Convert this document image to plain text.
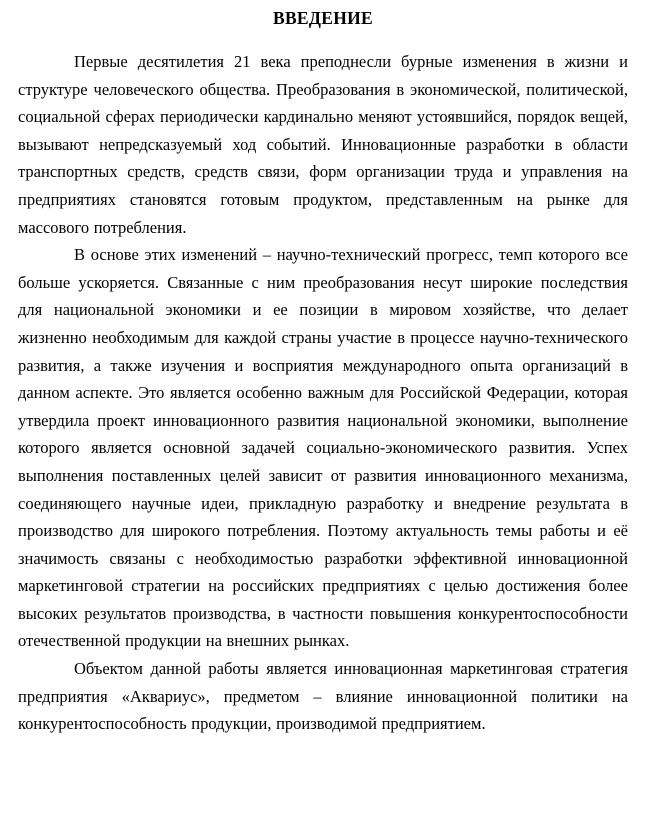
ВВЕДЕНИЕ

Первые десятилетия 21 века преподнесли бурные изменения в жизни и структуре человеческого общества. Преобразования в экономической, политической, социальной сферах периодически кардинально меняют устоявшийся, порядок вещей, вызывают непредсказуемый ход событий. Инновационные разработки в области транспортных средств, средств связи, форм организации труда и управления на предприятиях становятся готовым продуктом, представленным на рынке для массового потребления.

В основе этих изменений – научно-технический прогресс, темп которого все больше ускоряется. Связанные с ним преобразования несут широкие последствия для национальной экономики и ее позиции в мировом хозяйстве, что делает жизненно необходимым для каждой страны участие в процессе научно-технического развития, а также изучения и восприятия международного опыта организаций в данном аспекте. Это является особенно важным для Российской Федерации, которая утвердила проект инновационного развития национальной экономики, выполнение которого является основной задачей социально-экономического развития. Успех выполнения поставленных целей зависит от развития инновационного механизма, соединяющего научные идеи, прикладную разработку и внедрение результата в производство для широкого потребления. Поэтому актуальность темы работы и её значимость связаны с необходимостью разработки эффективной инновационной маркетинговой стратегии на российских предприятиях с целью достижения более высоких результатов производства, в частности повышения конкурентоспособности отечественной продукции на внешних рынках.

Объектом данной работы является инновационная маркетинговая стратегия предприятия «Аквариус», предметом – влияние инновационной политики на конкурентоспособность продукции, производимой предприятием.
